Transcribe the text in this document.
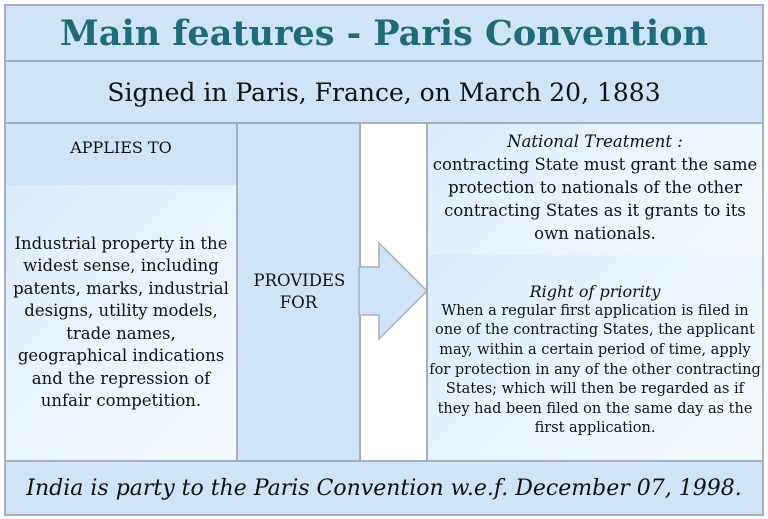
Main features - Paris Convention
Signed in Paris, France, on March 20, 1883
APPLIES TO
Industrial property in the widest sense, including patents, marks, industrial designs, utility models, trade names, geographical indications and the repression of unfair competition.
PROVIDES FOR
National Treatment :
contracting State must grant the same protection to nationals of the other contracting States as it grants to its own nationals.
Right of priority
When a regular first application is filed in one of the contracting States, the applicant may, within a certain period of time, apply for protection in any of the other contracting States; which will then be regarded as if they had been filed on the same day as the first application.
India is party to the Paris Convention w.e.f. December 07, 1998.
